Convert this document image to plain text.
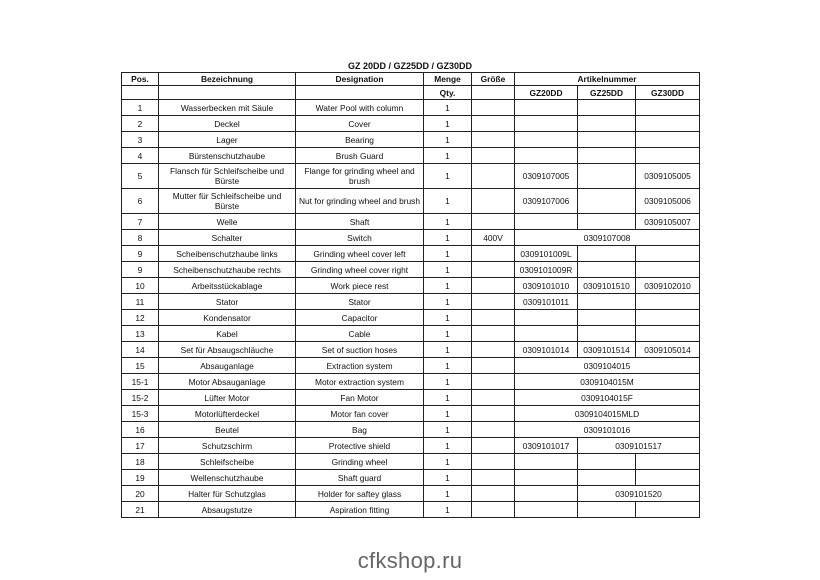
GZ 20DD / GZ25DD / GZ30DD
Pos.	Bezeichnung	Designation	Menge	Größe	Artikelnummer		
			Qty.		GZ20DD	GZ25DD	GZ30DD
1	Wasserbecken mit Säule	Water Pool with column	1				
2	Deckel	Cover	1				
3	Lager	Bearing	1				
4	Bürstenschutzhaube	Brush Guard	1				
5	Flansch für Schleifscheibe und Bürste	Flange for grinding wheel and brush	1		0309107005		0309105005
6	Mutter für Schleifscheibe und Bürste	Nut for grinding wheel and brush	1		0309107006		0309105006
7	Welle	Shaft	1				0309105007
8	Schalter	Switch	1	400V	0309107008		
9	Scheibenschutzhaube links	Grinding wheel cover left	1		0309101009L		
9	Scheibenschutzhaube rechts	Grinding wheel cover right	1		0309101009R		
10	Arbeitsstückablage	Work piece rest	1		0309101010	0309101510	0309102010
11	Stator	Stator	1		0309101011		
12	Kondensator	Capacitor	1				
13	Kabel	Cable	1				
14	Set für Absaugschläuche	Set of suction hoses	1		0309101014	0309101514	0309105014
15	Absauganlage	Extraction system	1		0309104015		
15-1	Motor Absauganlage	Motor extraction system	1		0309104015M		
15-2	Lüfter Motor	Fan Motor	1		0309104015F		
15-3	Motorlüfterdeckel	Motor fan cover	1		0309104015MLD		
16	Beutel	Bag	1		0309101016		
17	Schutzschirm	Protective shield	1		0309101017	0309101517	
18	Schleifscheibe	Grinding wheel	1				
19	Wellenschutzhaube	Shaft guard	1				
20	Halter für Schutzglas	Holder for saftey glass	1			0309101520	
21	Absaugstutze	Aspiration fitting	1				
cfkshop.ru
